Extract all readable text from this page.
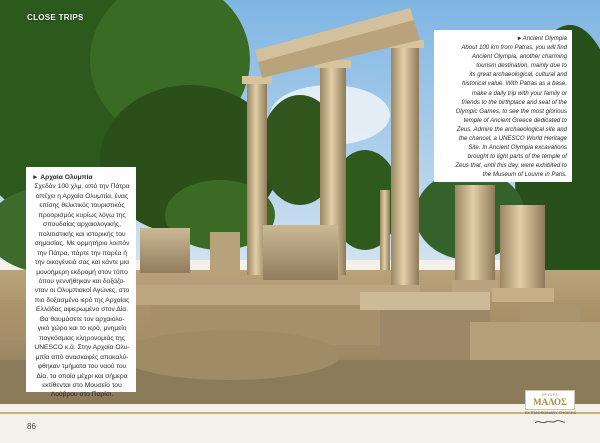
CLOSE TRIPS
► Αρχαία Ολυμπία
Σχεδόν 100 χλμ. από την Πάτρα
απέχει η Αρχαία Ολυμπία, ένας
επίσης θελκτικός τουριστικός
προορισμός κυρίως λόγω της
σπουδαίας αρχαιολογικής,
πολιτιστικής και ιστορικής του
σημασίας. Με ορμητήριο λοιπόν
την Πάτρα, πάρτε την παρέα ή
την οικογένειά σας και κάντε μια
μονοήμερη εκδρομή στον τόπο
όπου γεννήθηκαν και δοξάζο-
νταν οι Ολυμπιακοί Αγώνες, στο
πιο δοξασμένο ιερό της Αρχαίας
Ελλάδας αφιερωμένο στον Δία.
Θα θαυμάσετε τον αρχαιολο-
γικό χώρο και το ιερό, μνημείο
παγκόσμιας κληρονομιάς της
UNESCO κ.ά. Στην Αρχαία Ολυ-
μπία από ανασκαφές αποκαλύ-
φθηκαν τμήματα του ναού του
Δία, τα οποία μέχρι και σήμερα
εκτίθενται στο Μουσείο του
Λούβρου στο Παρίσι.
►Ancient Olympia
About 100 km from Patras, you will find
Ancient Olympia, another charming
tourism destination, mainly due to
its great archaeological, cultural and
historical value. With Patras as a base,
make a daily trip with your family or
friends to the birthplace and seat of the
Olympic Games, to see the most glorious
temple of Ancient Greece dedicated to
Zeus. Admire the archaeological site and
the chancel, a UNESCO World Heritage
Site. In Ancient Olympia excavations
brought to light parts of the temple of
Zeus that, until this day, were exhibited to
the Museum of Louvre in Paris.
86
ΧΡΥΣΕΣ
ΜΑΛΟΣ
EXTRAORDINARY CHOICES
